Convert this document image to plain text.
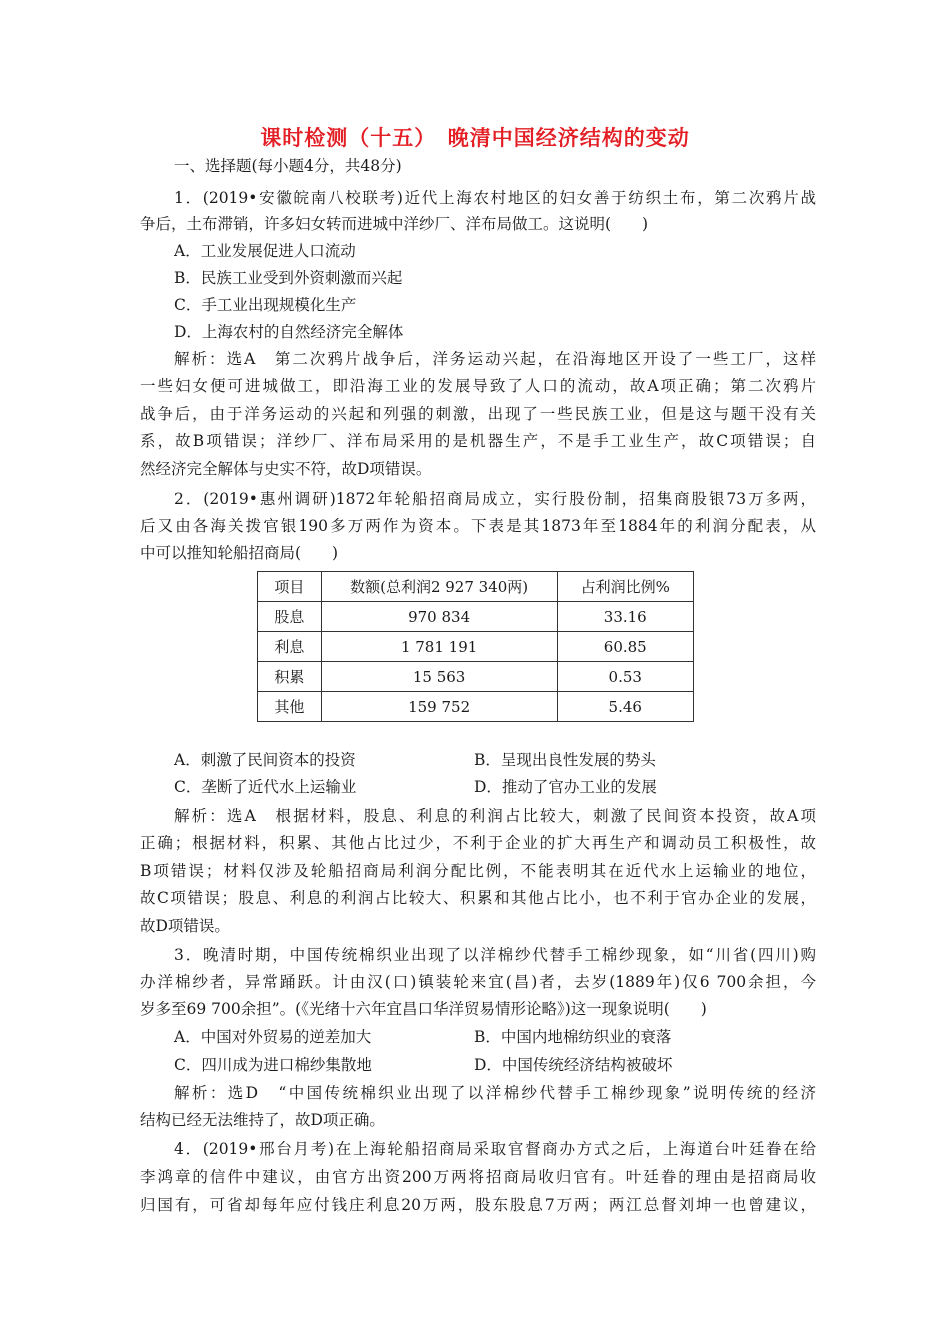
课时检测（十五）　晚清中国经济结构的变动
一、选择题(每小题4分，共48分)
1．(2019•安徽皖南八校联考)近代上海农村地区的妇女善于纺织土布，第二次鸦片战
争后，土布滞销，许多妇女转而进城中洋纱厂、洋布局做工。这说明(　　)
A．工业发展促进人口流动
B．民族工业受到外资刺激而兴起
C．手工业出现规模化生产
D．上海农村的自然经济完全解体
解析：选A　第二次鸦片战争后，洋务运动兴起，在沿海地区开设了一些工厂，这样
一些妇女便可进城做工，即沿海工业的发展导致了人口的流动，故A项正确；第二次鸦片
战争后，由于洋务运动的兴起和列强的刺激，出现了一些民族工业，但是这与题干没有关
系，故B项错误；洋纱厂、洋布局采用的是机器生产，不是手工业生产，故C项错误；自
然经济完全解体与史实不符，故D项错误。
2．(2019•惠州调研)1872年轮船招商局成立，实行股份制，招集商股银73万多两，
后又由各海关拨官银190多万两作为资本。下表是其1873年至1884年的利润分配表，从
中可以推知轮船招商局(　　)
项目	数额(总利润2 927 340两)	占利润比例%
股息	970 834	33.16
利息	1 781 191	60.85
积累	15 563	0.53
其他	159 752	5.46
A．刺激了民间资本的投资	B．呈现出良性发展的势头
C．垄断了近代水上运输业	D．推动了官办工业的发展
解析：选A　根据材料，股息、利息的利润占比较大，刺激了民间资本投资，故A项
正确；根据材料，积累、其他占比过少，不利于企业的扩大再生产和调动员工积极性，故
B项错误；材料仅涉及轮船招商局利润分配比例，不能表明其在近代水上运输业的地位，
故C项错误；股息、利息的利润占比较大、积累和其他占比小，也不利于官办企业的发展，
故D项错误。
3．晚清时期，中国传统棉织业出现了以洋棉纱代替手工棉纱现象，如“川省(四川)购
办洋棉纱者，异常踊跃。计由汉(口)镇装轮来宜(昌)者，去岁(1889年)仅6 700余担，今
岁多至69 700余担”。(《光绪十六年宜昌口华洋贸易情形论略》)这一现象说明(　　)
A．中国对外贸易的逆差加大	B．中国内地棉纺织业的衰落
C．四川成为进口棉纱集散地	D．中国传统经济结构被破坏
解析：选D　“中国传统棉织业出现了以洋棉纱代替手工棉纱现象”说明传统的经济
结构已经无法维持了，故D项正确。
4．(2019•邢台月考)在上海轮船招商局采取官督商办方式之后，上海道台叶廷眷在给
李鸿章的信件中建议，由官方出资200万两将招商局收归官有。叶廷眷的理由是招商局收
归国有，可省却每年应付钱庄利息20万两，股东股息7万两；两江总督刘坤一也曾建议，
